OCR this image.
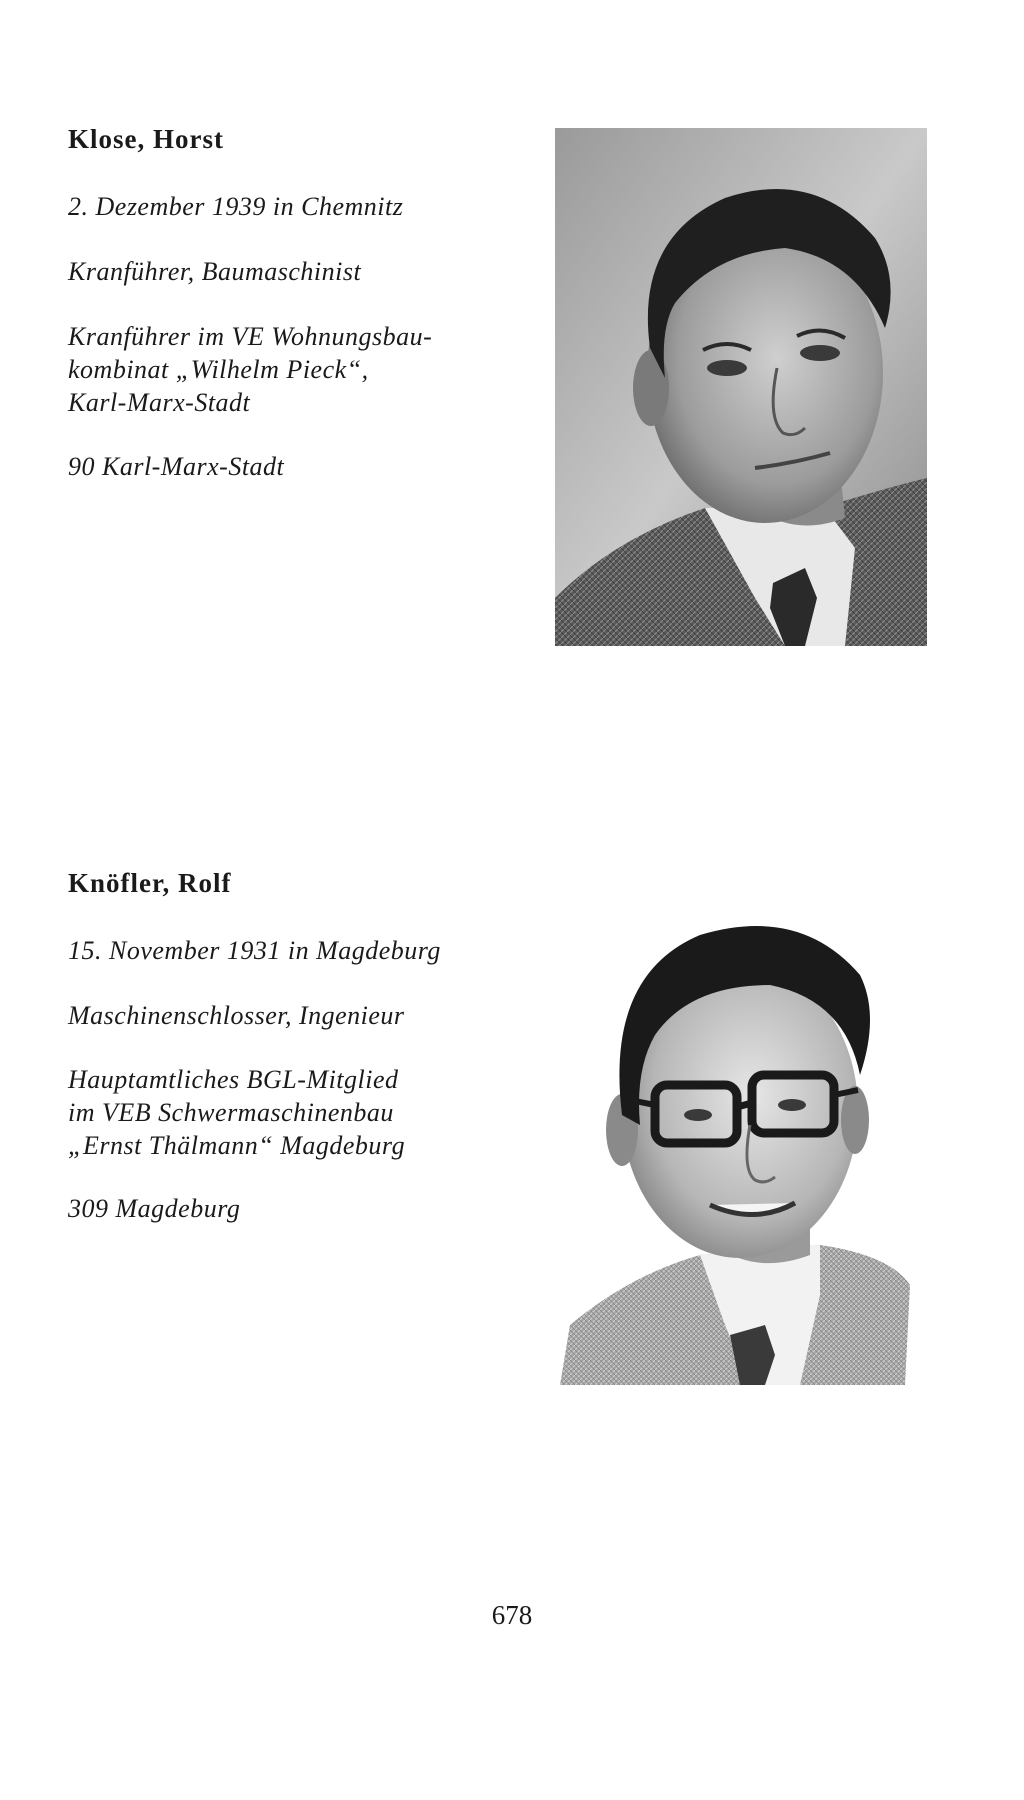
Klose, Horst

2. Dezember 1939 in Chemnitz

Kranführer, Baumaschinist

Kranführer im VE Wohnungsbau-
kombinat „Wilhelm Pieck“,
Karl-Marx-Stadt

90 Karl-Marx-Stadt

Knöfler, Rolf

15. November 1931 in Magdeburg

Maschinenschlosser, Ingenieur

Hauptamtliches BGL-Mitglied
im VEB Schwermaschinenbau
„Ernst Thälmann“ Magdeburg

309 Magdeburg

678
